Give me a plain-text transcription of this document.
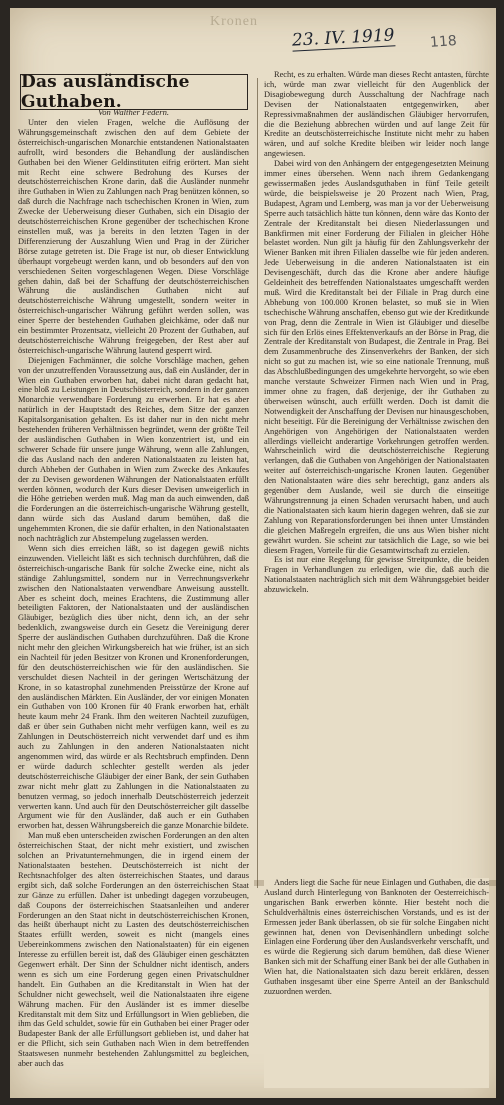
Kronen
23. IV. 1919 118
Das ausländische Guthaben.
Von Walther Federn.

Unter den vielen Fragen, welche die Auflösung der Währungsgemeinschaft zwischen den auf dem Gebiete der österreichisch-ungarischen Monarchie entstandenen Nationalstaaten aufrollt, wird besonders die Behandlung der ausländischen Guthaben bei den Wiener Geldinstituten eifrig erörtert. Man sieht mit Recht eine schwere Bedrohung des Kurses der deutschösterreichischen Krone darin, daß die Ausländer nunmehr ihre Guthaben in Wien zu Zahlungen nach Prag benützen können, so daß durch die Nachfrage nach tschechischen Kronen in Wien, zum Zwecke der Ueberweisung dieser Guthaben, sich ein Disagio der deutschösterreichischen Krone gegenüber der tschechischen Krone einstellen muß, was ja bereits in den letzten Tagen in der Differenzierung der Auszahlung Wien und Prag in der Züricher Börse zutage getreten ist. Die Frage ist nur, ob dieser Entwicklung überhaupt vorgebeugt werden kann, und ob besonders auf den von verschiedenen Seiten vorgeschlagenen Wegen. Diese Vorschläge gehen dahin, daß bei der Schaffung der deutschösterreichischen Währung die ausländischen Guthaben nicht auf deutschösterreichische Währung umgestellt, sondern weiter in österreichisch-ungarischer Währung geführt werden sollen, was einer Sperre der bestehenden Guthaben gleichkäme, oder daß nur ein bestimmter Prozentsatz, vielleicht 20 Prozent der Guthaben, auf deutschösterreichische Währung freigegeben, der Rest aber auf österreichisch-ungarische Währung lautend gesperrt wird.

Diejenigen Fachmänner, die solche Vorschläge machen, gehen von der unzutreffenden Voraussetzung aus, daß ein Ausländer, der in Wien ein Guthaben erworben hat, dabei nicht daran gedacht hat, eine bloß zu Leistungen in Deutschösterreich, sondern in der ganzen Monarchie verwendbare Forderung zu erwerben. Er hat es aber natürlich in der Hauptstadt des Reiches, dem Sitze der ganzen Kapitalsorganisation gehalten. Es ist daher nur in den nicht mehr bestehenden früheren Verhältnissen begründet, wenn der größte Teil der ausländischen Guthaben in Wien konzentriert ist, und ein schwerer Schade für unsere junge Währung, wenn alle Zahlungen, die das Ausland nach den anderen Nationalstaaten zu leisten hat, durch Abheben der Guthaben in Wien zum Zwecke des Ankaufes der zu Devisen gewordenen Währungen der Nationalstaaten erfüllt werden können, wodurch der Kurs dieser Devisen unweigerlich in die Höhe getrieben werden muß. Mag man da auch einwenden, daß die Forderungen an die österreichisch-ungarische Währung gestellt, dann würde sich das Ausland darum bemühen, daß die ungehemmten Kronen, die sie dafür erhalten, in den Nationalstaaten noch nachträglich zur Abstempelung zugelassen werden.

Wenn sich dies erreichen läßt, so ist dagegen gewiß nichts einzuwenden. Vielleicht läßt es sich technisch durchführen, daß die österreichisch-ungarische Bank für solche Zwecke eine, nicht als ständige Zahlungsmittel, sondern nur in Verrechnungsverkehr zwischen den Nationalstaaten verwendbare Anweisung ausstellt. Aber es scheint doch, meines Erachtens, die Zustimmung aller beteiligten Faktoren, der Nationalstaaten und der ausländischen Gläubiger, bezüglich dies über nicht, denn ich, an der sehr bedenklich, zwangsweise durch ein Gesetz die Vereinigung derer Sperre der ausländischen Guthaben durchzuführen. Daß die Krone nicht mehr den gleichen Wirkungsbereich hat wie früher, ist an sich ein Nachteil für jeden Besitzer von Kronen und Kronenforderungen, für den deutschösterreichischen wie für den ausländischen. Sie verschuldet diesen Nachteil in der geringen Wertschätzung der Krone, in so katastrophal zunehmenden Preisstürze der Krone auf den ausländischen Märkten. Ein Ausländer, der vor einigen Monaten ein Guthaben von 100 Kronen für 40 Frank erworben hat, erhält heute kaum mehr 24 Frank. Ihm den weiteren Nachteil zuzufügen, daß er über sein Guthaben nicht mehr verfügen kann, weil es zu Zahlungen in Deutschösterreich nicht verwendet darf und es ihm auch zu Zahlungen in den anderen Nationalstaaten nicht angenommen wird, das würde er als Rechtsbruch empfinden. Denn er würde dadurch schlechter gestellt werden als jeder deutschösterreichische Gläubiger der einer Bank, der sein Guthaben zwar nicht mehr glatt zu Zahlungen in die Nationalstaaten zu benutzen vermag, so jedoch innerhalb Deutschösterreich jederzeit verwerten kann. Und auch für den Deutschösterreicher gilt dasselbe Argument wie für den Ausländer, daß auch er ein Guthaben erworben hat, dessen Währungsbereich die ganze Monarchie bildete.

Man muß eben unterscheiden zwischen Forderungen an den alten österreichischen Staat, der nicht mehr existiert, und zwischen solchen an Privatunternehmungen, die in irgend einem der Nationalstaaten bestehen. Deutschösterreich ist nicht der Rechtsnachfolger des alten österreichischen Staates, und daraus ergibt sich, daß solche Forderungen an den österreichischen Staat zur Gänze zu erfüllen. Daher ist unbedingt dagegen vorzubeugen, daß Coupons der österreichischen Staatsanleihen und anderer Forderungen an den Staat nicht in deutschösterreichischen Kronen, das heißt überhaupt nicht zu Lasten des deutschösterreichischen Staates erfüllt werden, soweit es nicht (mangels eines Uebereinkommens zwischen den Nationalstaaten) für ein eigenen Interesse zu erfüllen bereit ist, daß des Gläubiger einen geschätzten Gegenwert erhält. Der Sinn der Schuldner nicht identisch, anders wenn es sich um eine Forderung gegen einen Privatschuldner handelt. Ein Guthaben an die Kreditanstalt in Wien hat der Schuldner nicht gewechselt, weil die Nationalstaaten ihre eigene Währung machen. Für den Ausländer ist es immer dieselbe Kreditanstalt mit dem Sitz und Erfüllungsort in Wien geblieben, die ihm das Geld schuldet, sowie für ein Guthaben bei einer Prager oder Budapester Bank der alle Erfüllungsort geblieben ist, und daher hat er die Pflicht, sich sein Guthaben nach Wien in dem betreffenden Staatswesen nunmehr bestehenden Zahlungsmittel zu begleichen, aber auch das

Recht, es zu erhalten. Würde man dieses Recht antasten, fürchte ich, würde man zwar vielleicht für den Augenblick der Disagiobewegung durch Ausschaltung der Nachfrage nach Devisen der Nationalstaaten entgegenwirken, aber Repressivmaßnahmen der ausländischen Gläubiger hervorrufen, die die Beziehung abbrechen würden und auf lange Zeit für Kredite an deutschösterreichische Institute nicht mehr zu haben wären, und auf solche Kredite bleiben wir leider noch lange angewiesen.

Dabei wird von den Anhängern der entgegengesetzten Meinung immer eines übersehen. Wenn nach ihrem Gedankengang gewissermaßen jedes Auslandsguthaben in fünf Teile geteilt würde, die beispielsweise je 20 Prozent nach Wien, Prag, Budapest, Agram und Lemberg, was man ja vor der Ueberweisung Sperre auch tatsächlich hätte tun können, denn wäre das Konto der Zentrale der Kreditanstalt bei diesen Niederlassungen und Bankfirmen mit einer Forderung der Filialen in gleicher Höhe belastet worden. Nun gilt ja häufig für den Zahlungsverkehr der Wiener Banken mit ihren Filialen dasselbe wie für jeden anderen. Jede Ueberweisung in die anderen Nationalstaaten ist ein Devisengeschäft, durch das die Krone aber andere häufige Geldeinheit des betreffenden Nationalstaates umgeschafft werden muß. Wird die Kreditanstalt bei der Filiale in Prag durch eine Abhebung von 100.000 Kronen belastet, so muß sie in Wien tschechische Währung anschaffen, ebenso gut wie der Kreditkunde von Prag, denn die Zentrale in Wien ist Gläubiger und dieselbe sich für den Erlös eines Effektenverkaufs an der Börse in Prag, die Zentrale der Kreditanstalt von Budapest, die Zentrale in Prag. Bei dem Zusammenbruche des Zinsenverkehrs der Banken, der sich nicht so gut zu machen ist, wie so eine nationale Trennung, muß das Abschlußbedingungen des umgekehrte hervorgeht, so wie eben manche verstaute Schweizer Firmen nach Wien und in Prag, immer ohne zu fragen, daß derjenige, der ihr Guthaben zu überweisen wünscht, auch erfüllt werden. Doch ist damit die Notwendigkeit der Anschaffung der Devisen nur hinausgeschoben, nicht beseitigt. Für die Bereinigung der Verhältnisse zwischen den Angehörigen von Angehörigen der Nationalstaaten werden allerdings vielleicht anderartige Vorkehrungen getroffen werden. Wahrscheinlich wird die deutschösterreichische Regierung verlangen, daß die Guthaben von Angehörigen der Nationalstaaten weiter auf österreichisch-ungarische Kronen lauten. Gegenüber den Nationalstaaten wäre dies sehr berechtigt, ganz anders als gegenüber dem Auslande, weil sie durch die einseitige Währungstrennung ja einen Schaden verursacht haben, und auch die Nationalstaaten sich kaum hierin dagegen wehren, daß sie zur Zahlung von Reparationsforderungen bei ihnen unter Umständen die gleichen Maßregeln ergreifen, die uns aus Wien bisher nicht gewährt wurden. Sie scheint zur tatsächlich die Lage, so wie bei diesem Fragen, Vorteile für die Gesamtwirtschaft zu erzielen.

Es ist nur eine Regelung für gewisse Streitpunkte, die beiden Fragen in Verhandlungen zu erledigen, wie die, daß auch die Nationalstaaten nachträglich sich mit dem Währungsgebiet beider abzuwickeln.

Anders liegt die Sache für neue Einlagen und Guthaben, die das Ausland durch Hinterlegung von Banknoten der Oesterreichisch-ungarischen Bank erwerben könnte. Hier besteht noch die Schuldverhältnis eines österreichischen Vorstands, und es ist der Ermessen jeder Bank überlassen, ob sie für solche Eingaben nicht gewinnen hat, denen von Devisenhändlern unbedingt solche Einlagen eine Forderung über den Auslandsverkehr verschafft, und es würde die Regierung sich darum bemühen, daß diese Wiener Banken sich mit der Schaffung einer Bank bei der alle Guthaben in Wien hat, die Nationalstaaten sich dazu bereit erklären, dessen Guthaben insgesamt über eine Sperre Anteil an der Bankschuld zuzuordnen werden.
